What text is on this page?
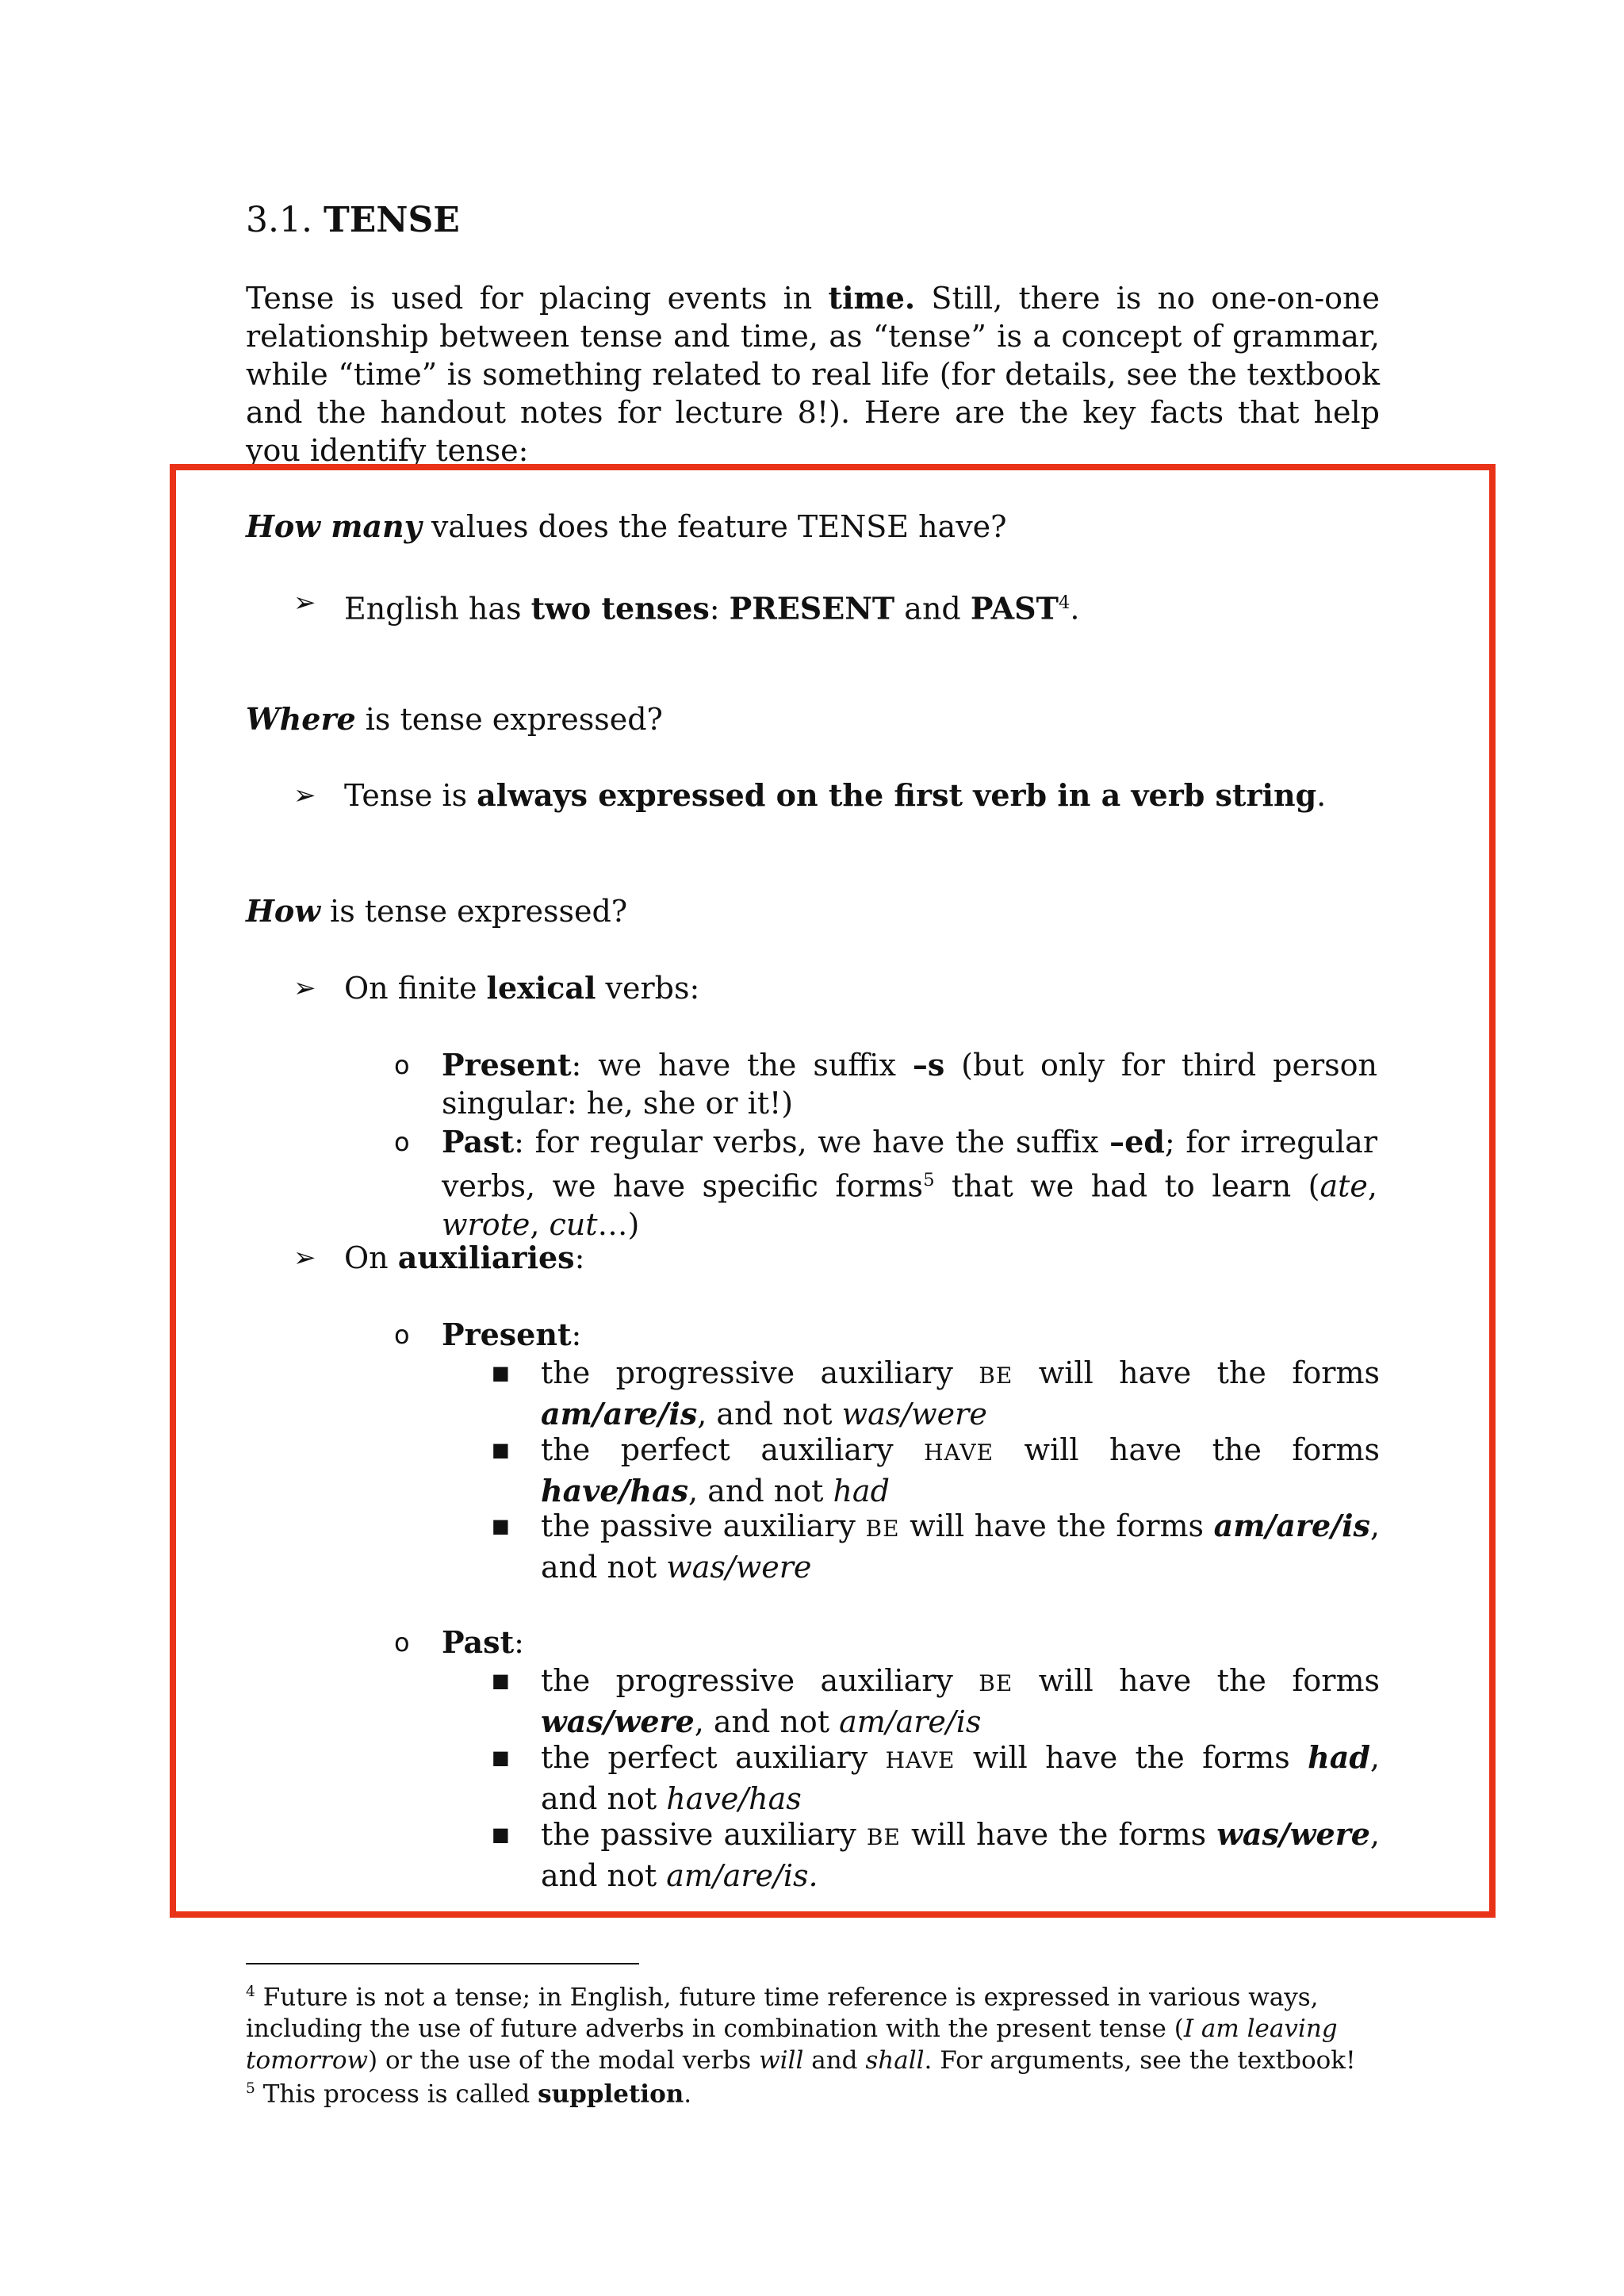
3.1. TENSE

Tense is used for placing events in time. Still, there is no one-on-one relationship between tense and time, as “tense” is a concept of grammar, while “time” is something related to real life (for details, see the textbook and the handout notes for lecture 8!). Here are the key facts that help you identify tense:

How many values does the feature TENSE have?

➢ English has two tenses: PRESENT and PAST$^4$.

Where is tense expressed?

➢ Tense is always expressed on the first verb in a verb string.

How is tense expressed?

➢ On finite lexical verbs:
o Present: we have the suffix –s (but only for third person singular: he, she or it!)
o Past: for regular verbs, we have the suffix –ed; for irregular verbs, we have specific forms$^5$ that we had to learn (ate, wrote, cut…)
➢ On auxiliaries:
o Present:
■ the progressive auxiliary BE will have the forms am/are/is, and not was/were
■ the perfect auxiliary HAVE will have the forms have/has, and not had
■ the passive auxiliary BE will have the forms am/are/is, and not was/were
o Past:
■ the progressive auxiliary BE will have the forms was/were, and not am/are/is
■ the perfect auxiliary HAVE will have the forms had, and not have/has
■ the passive auxiliary BE will have the forms was/were, and not am/are/is.

$^4$ Future is not a tense; in English, future time reference is expressed in various ways, including the use of future adverbs in combination with the present tense (I am leaving tomorrow) or the use of the modal verbs will and shall. For arguments, see the textbook!

$^5$ This process is called suppletion.
